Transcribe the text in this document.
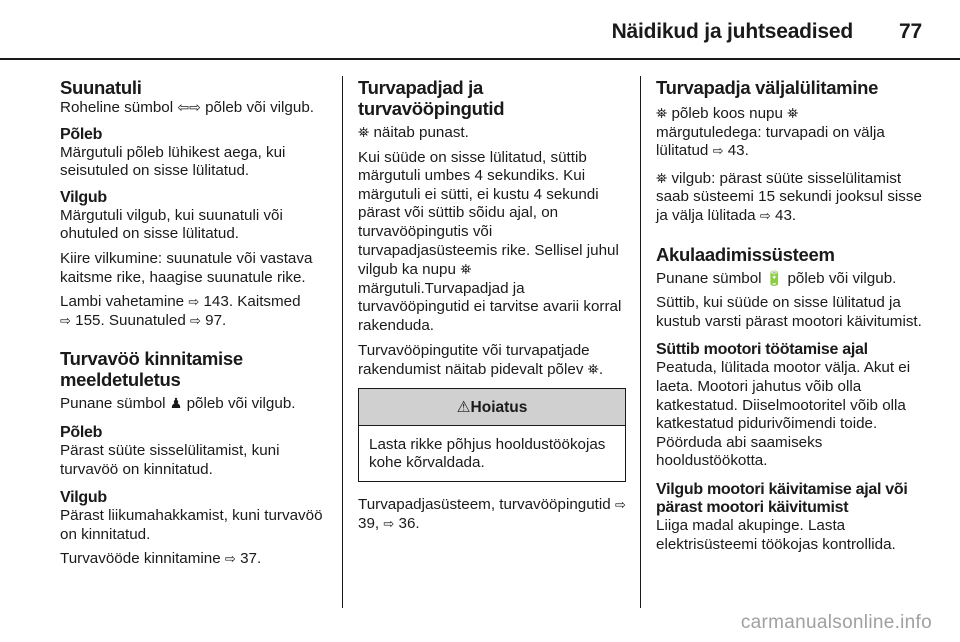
Näidikud ja juhtseadised 77
Suunatuli

Roheline sümbol ⇦⇨ põleb või vilgub.

Põleb

Märgutuli põleb lühikest aega, kui seisutuled on sisse lülitatud.

Vilgub

Märgutuli vilgub, kui suunatuli või ohutuled on sisse lülitatud.

Kiire vilkumine: suunatule või vastava kaitsme rike, haagise suunatule rike.

Lambi vahetamine ⇨ 143. Kaitsmed
⇨ 155. Suunatuled ⇨ 97.

Turvavöö kinnitamise meeldetuletus

Punane sümbol ♟ põleb või vilgub.

Põleb

Pärast süüte sisselülitamist, kuni turvavöö on kinnitatud.

Vilgub

Pärast liikumahakkamist, kuni turvavöö on kinnitatud.

Turvavööde kinnitamine ⇨ 37.

Turvapadjad ja turvavööpingutid

⛯ näitab punast.

Kui süüde on sisse lülitatud, süttib märgutuli umbes 4 sekundiks. Kui märgutuli ei sütti, ei kustu 4 sekundi pärast või süttib sõidu ajal, on turvavööpingutis või turvapadjasüsteemis rike. Sellisel juhul vilgub ka nupu ⛯
märgutuli.Turvapadjad ja turvavööpingutid ei tarvitse avarii korral rakenduda.

Turvavööpingutite või turvapatjade rakendumist näitab pidevalt põlev ⛯.

⚠Hoiatus
Lasta rikke põhjus hooldustöökojas kohe kõrvaldada.

Turvapadjasüsteem, turvavööpingutid ⇨ 39, ⇨ 36.

Turvapadja väljalülitamine

⛯ põleb koos nupu ⛯
märgutuledega: turvapadi on välja lülitatud ⇨ 43.

⛯ vilgub: pärast süüte sisselülitamist saab süsteemi 15 sekundi jooksul sisse ja välja lülitada ⇨ 43.

Akulaadimissüsteem

Punane sümbol 🔋 põleb või vilgub.

Süttib, kui süüde on sisse lülitatud ja kustub varsti pärast mootori käivitumist.

Süttib mootori töötamise ajal

Peatuda, lülitada mootor välja. Akut ei laeta. Mootori jahutus võib olla katkestatud. Diiselmootoritel võib olla katkestatud pidurivõimendi toide. Pöörduda abi saamiseks hooldustöökotta.

Vilgub mootori käivitamise ajal või pärast mootori käivitumist

Liiga madal akupinge. Lasta elektrisüsteemi töökojas kontrollida.

carmanualsonline.info
